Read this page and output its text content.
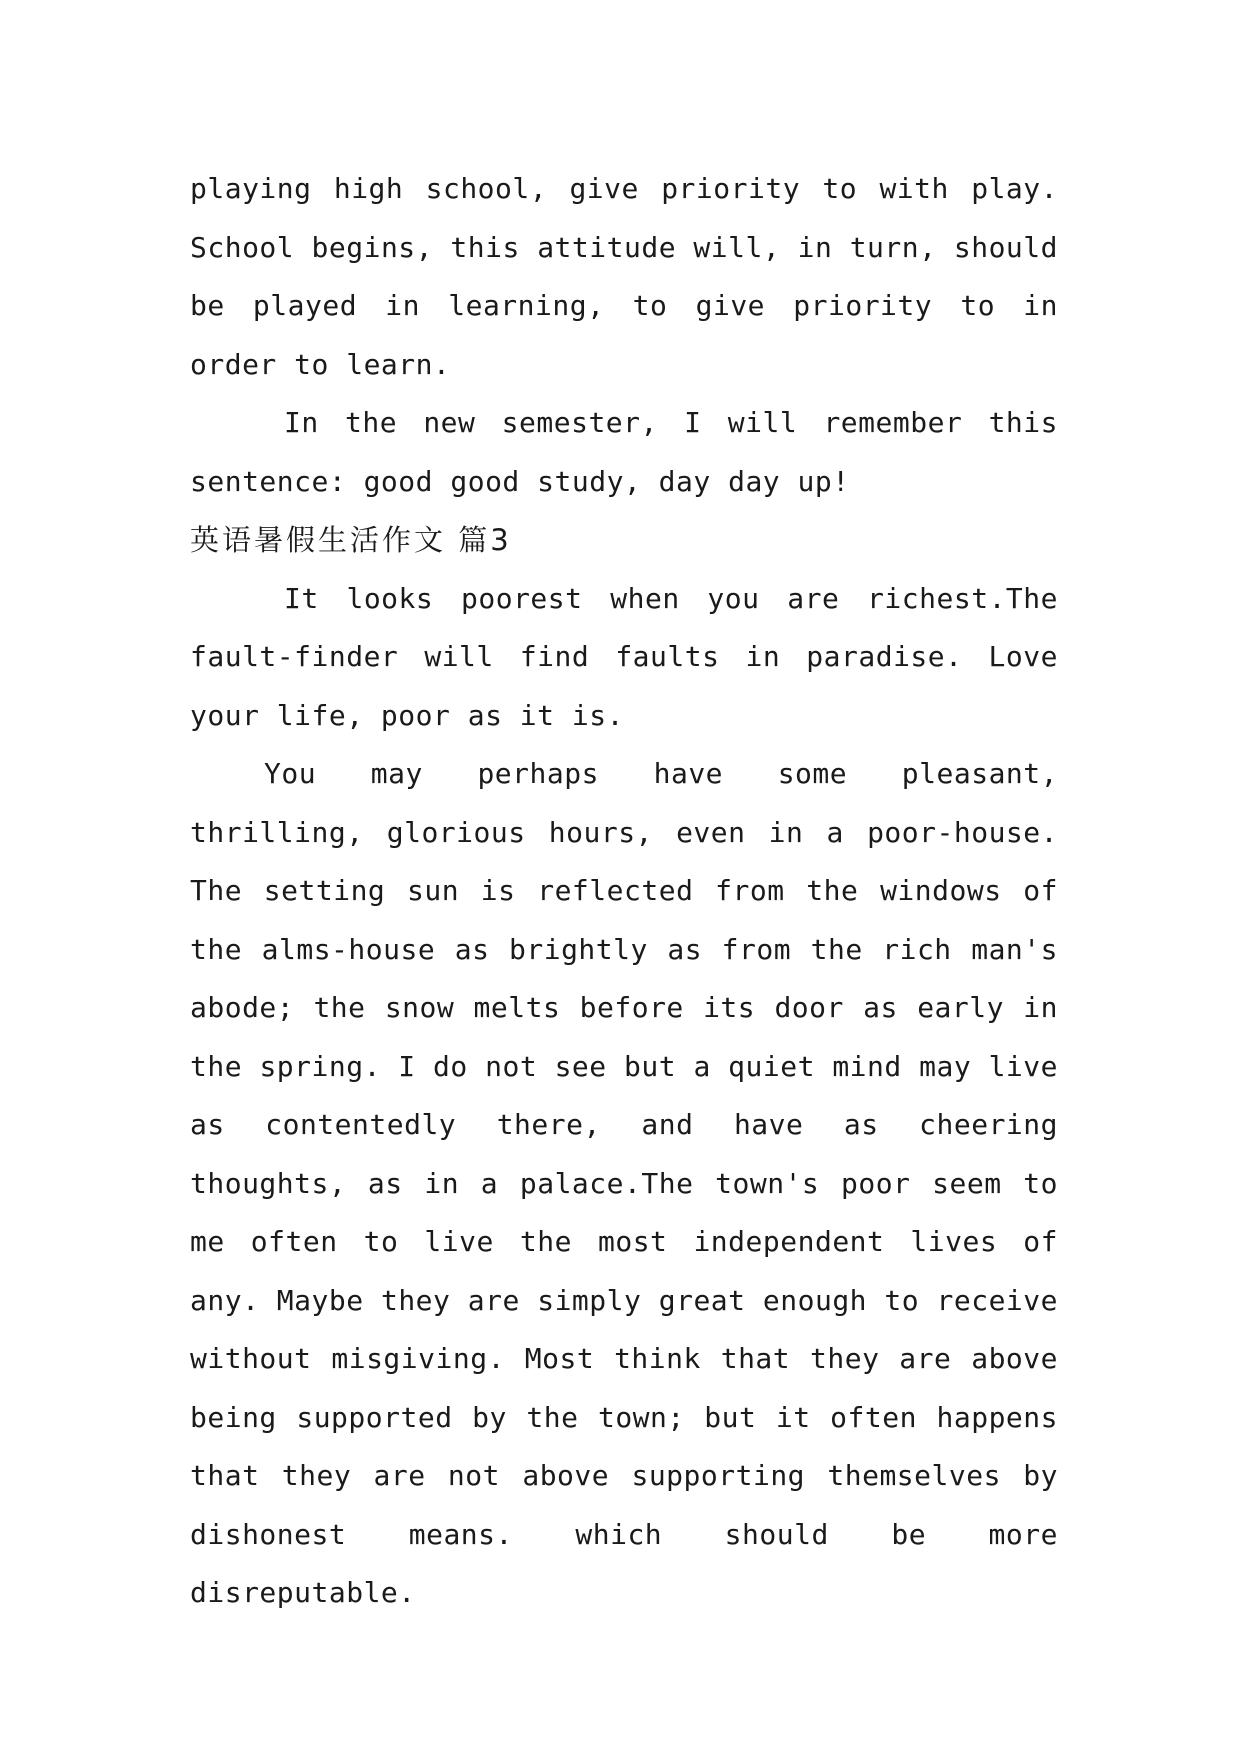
playing high school, give priority to with play. School begins, this attitude will, in turn, should be played in learning, to give priority to in order to learn.

In the new semester, I will remember this sentence: good good study, day day up!

英语暑假生活作文 篇3

It looks poorest when you are richest.The fault-finder will find faults in paradise. Love your life, poor as it is.

You may perhaps have some pleasant, thrilling, glorious hours, even in a poor-house. The setting sun is reflected from the windows of the alms-house as brightly as from the rich man's abode; the snow melts before its door as early in the spring. I do not see but a quiet mind may live as contentedly there, and have as cheering thoughts, as in a palace.The town's poor seem to me often to live the most independent lives of any. Maybe they are simply great enough to receive without misgiving. Most think that they are above being supported by the town; but it often happens that they are not above supporting themselves by dishonest means. which should be more disreputable.
